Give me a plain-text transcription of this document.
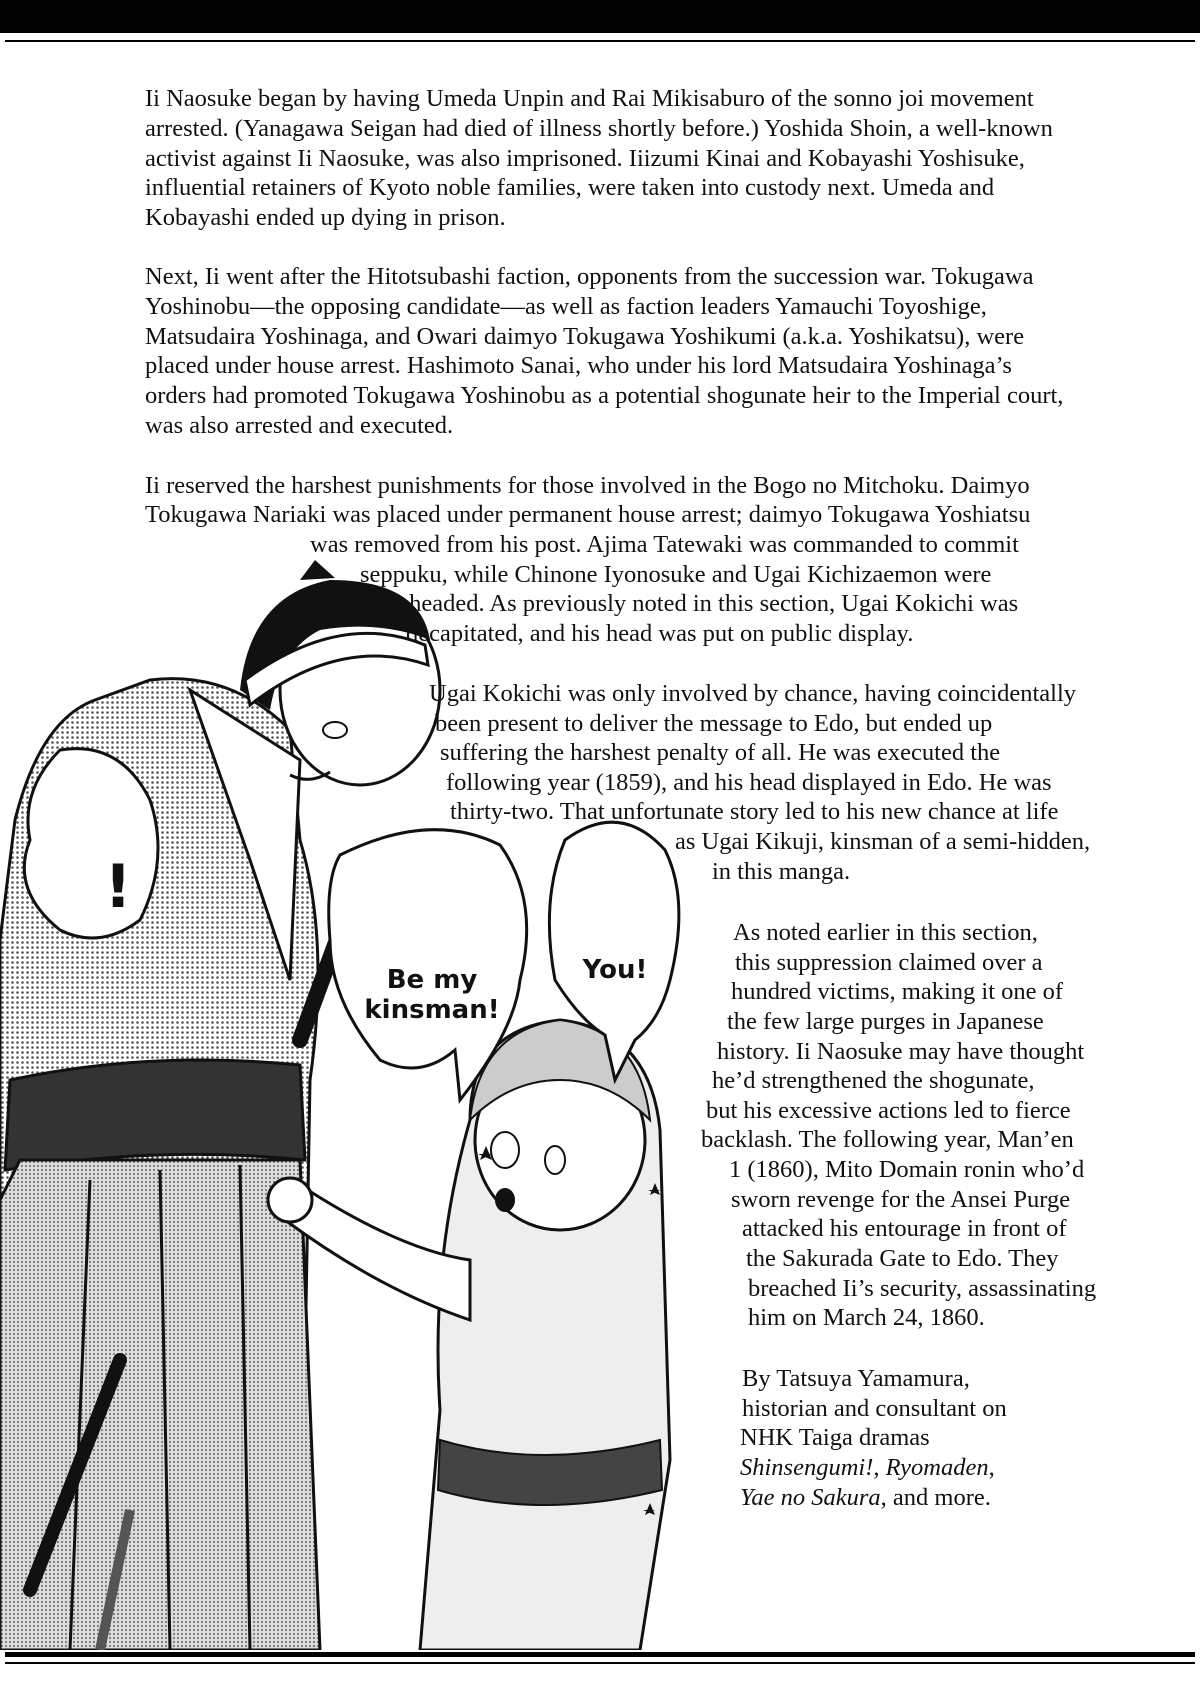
!
Be my
kinsman!
You!
Ii Naosuke began by having Umeda Unpin and Rai Mikisaburo of the sonno joi movement
arrested. (Yanagawa Seigan had died of illness shortly before.) Yoshida Shoin, a well-known
activist against Ii Naosuke, was also imprisoned. Iiizumi Kinai and Kobayashi Yoshisuke,
influential retainers of Kyoto noble families, were taken into custody next. Umeda and
Kobayashi ended up dying in prison.
Next, Ii went after the Hitotsubashi faction, opponents from the succession war. Tokugawa
Yoshinobu—the opposing candidate—as well as faction leaders Yamauchi Toyoshige,
Matsudaira Yoshinaga, and Owari daimyo Tokugawa Yoshikumi (a.k.a. Yoshikatsu), were
placed under house arrest. Hashimoto Sanai, who under his lord Matsudaira Yoshinaga’s
orders had promoted Tokugawa Yoshinobu as a potential shogunate heir to the Imperial court,
was also arrested and executed.
Ii reserved the harshest punishments for those involved in the Bogo no Mitchoku. Daimyo
Tokugawa Nariaki was placed under permanent house arrest; daimyo Tokugawa Yoshiatsu
was removed from his post. Ajima Tatewaki was commanded to commit
seppuku, while Chinone Iyonosuke and Ugai Kichizaemon were
beheaded. As previously noted in this section, Ugai Kokichi was
decapitated, and his head was put on public display.
Ugai Kokichi was only involved by chance, having coincidentally
been present to deliver the message to Edo, but ended up
suffering the harshest penalty of all. He was executed the
following year (1859), and his head displayed in Edo. He was
thirty-two. That unfortunate story led to his new chance at life
as Ugai Kikuji, kinsman of a semi-hidden,
in this manga.
As noted earlier in this section,
this suppression claimed over a
hundred victims, making it one of
the few large purges in Japanese
history. Ii Naosuke may have thought
he’d strengthened the shogunate,
but his excessive actions led to fierce
backlash. The following year, Man’en
1 (1860), Mito Domain ronin who’d
sworn revenge for the Ansei Purge
attacked his entourage in front of
the Sakurada Gate to Edo. They
breached Ii’s security, assassinating
him on March 24, 1860.
By Tatsuya Yamamura,
historian and consultant on
NHK Taiga dramas
Shinsengumi!, Ryomaden,
Yae no Sakura, and more.
